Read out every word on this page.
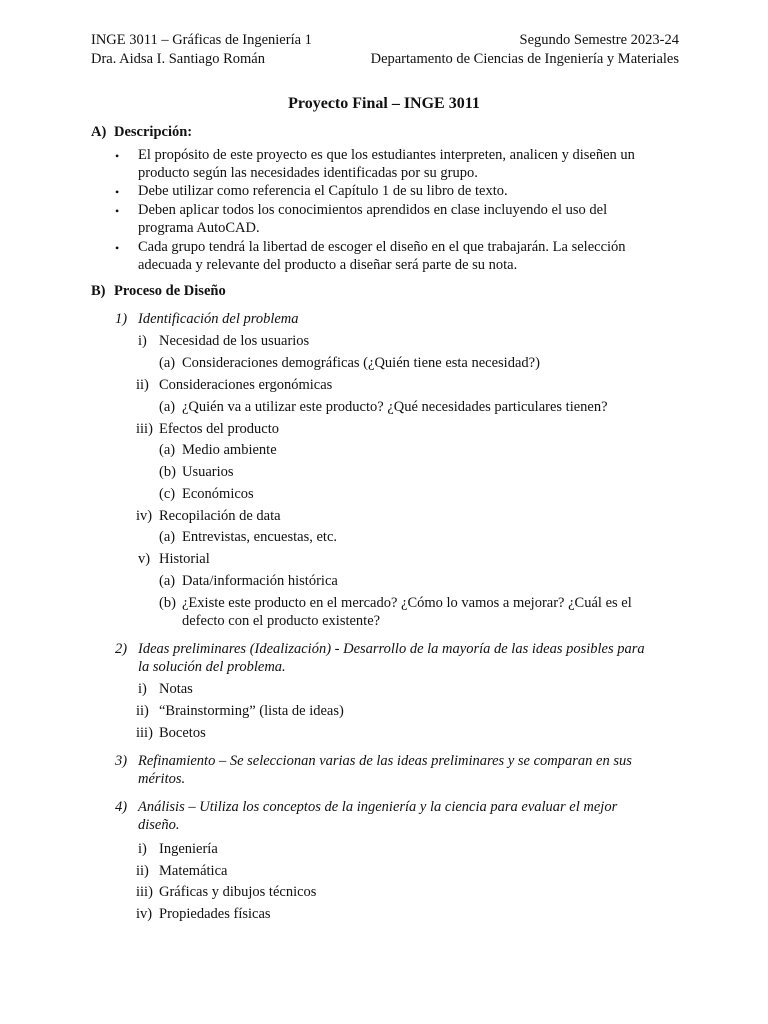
INGE 3011 – Gráficas de Ingeniería 1	Segundo Semestre 2023-24
Dra. Aidsa I. Santiago Román	Departamento de Ciencias de Ingeniería y Materiales
Proyecto Final – INGE 3011
A) Descripción:
• El propósito de este proyecto es que los estudiantes interpreten, analicen y diseñen un
producto según las necesidades identificadas por su grupo.
• Debe utilizar como referencia el Capítulo 1 de su libro de texto.
• Deben aplicar todos los conocimientos aprendidos en clase incluyendo el uso del
programa AutoCAD.
• Cada grupo tendrá la libertad de escoger el diseño en el que trabajarán. La selección
adecuada y relevante del producto a diseñar será parte de su nota.
B) Proceso de Diseño
1) Identificación del problema
i) Necesidad de los usuarios
(a) Consideraciones demográficas (¿Quién tiene esta necesidad?)
ii) Consideraciones ergonómicas
(a) ¿Quién va a utilizar este producto? ¿Qué necesidades particulares tienen?
iii) Efectos del producto
(a) Medio ambiente
(b) Usuarios
(c) Económicos
iv) Recopilación de data
(a) Entrevistas, encuestas, etc.
v) Historial
(a) Data/información histórica
(b) ¿Existe este producto en el mercado? ¿Cómo lo vamos a mejorar? ¿Cuál es el
defecto con el producto existente?
2) Ideas preliminares (Idealización) - Desarrollo de la mayoría de las ideas posibles para
la solución del problema.
i) Notas
ii) “Brainstorming” (lista de ideas)
iii) Bocetos
3) Refinamiento – Se seleccionan varias de las ideas preliminares y se comparan en sus
méritos.
4) Análisis – Utiliza los conceptos de la ingeniería y la ciencia para evaluar el mejor
diseño.
i) Ingeniería
ii) Matemática
iii) Gráficas y dibujos técnicos
iv) Propiedades físicas
